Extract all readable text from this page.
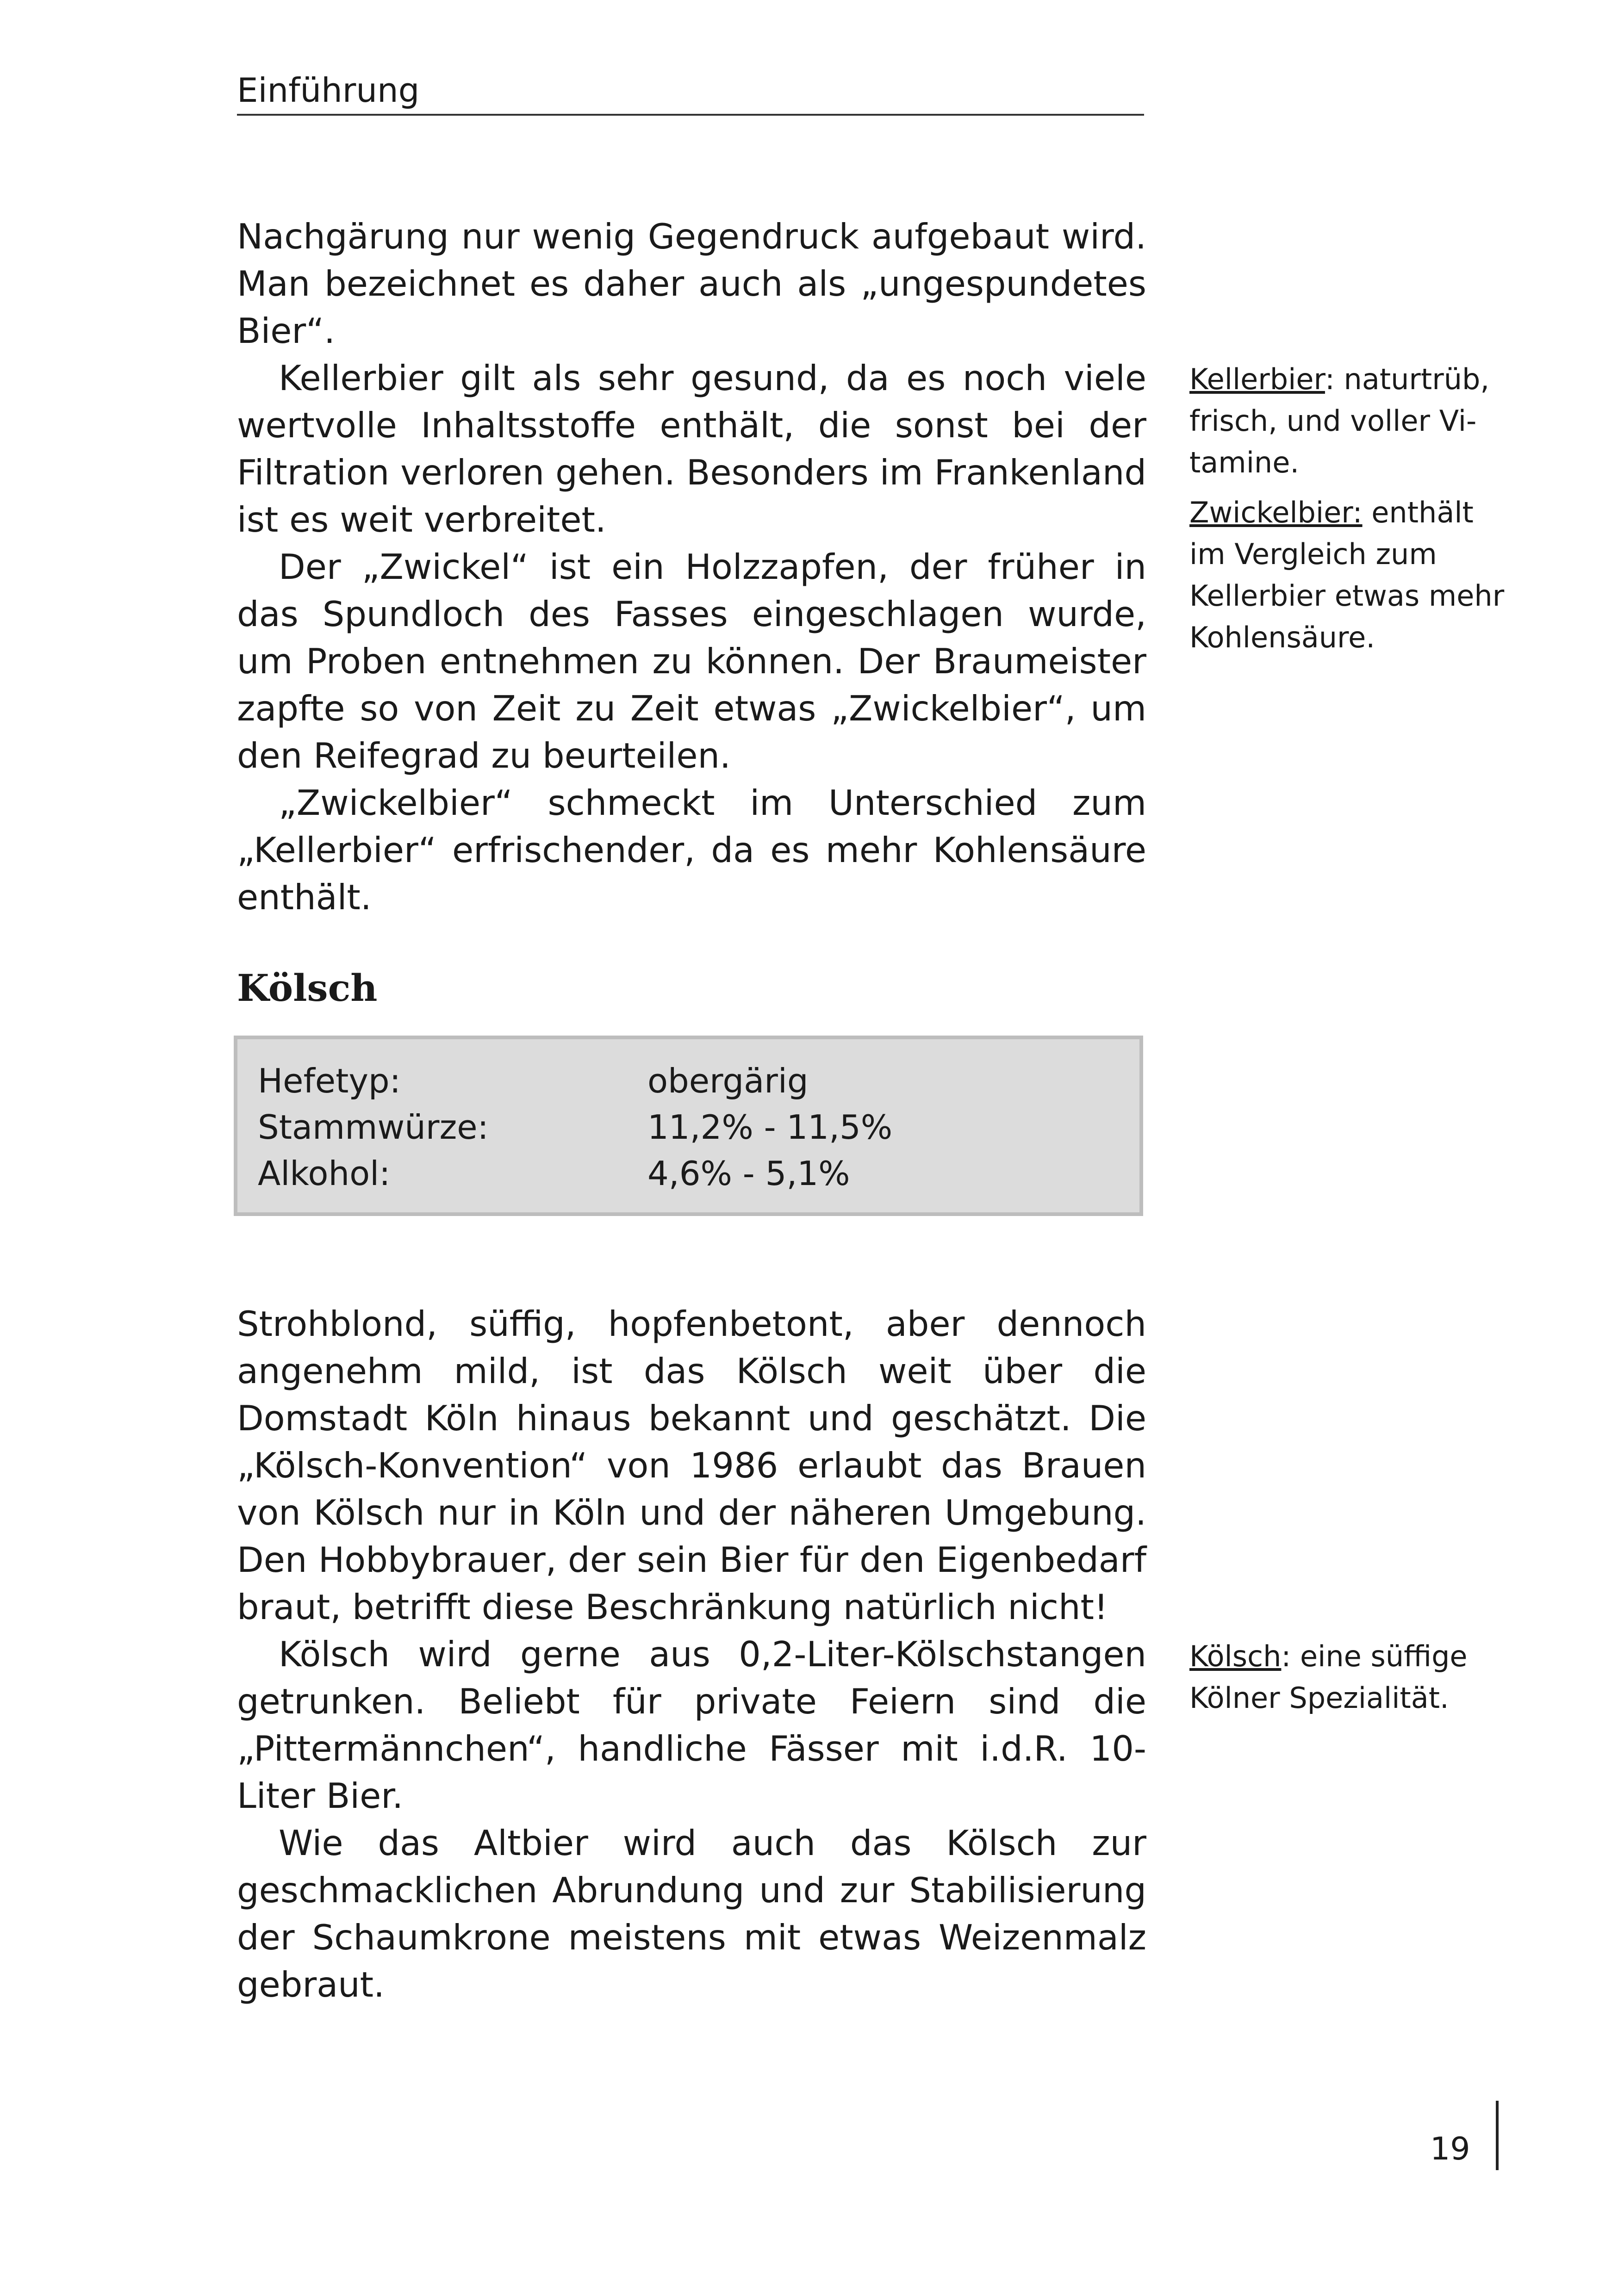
Einführung

Nachgärung nur wenig Gegendruck aufgebaut wird. Man bezeichnet es daher auch als „ungespundetes Bier“.

Kellerbier gilt als sehr gesund, da es noch viele wertvolle Inhaltsstoffe enthält, die sonst bei der Filtration verloren gehen. Besonders im Frankenland ist es weit verbreitet.

Der „Zwickel“ ist ein Holzzapfen, der früher in das Spundloch des Fasses eingeschlagen wurde, um Proben entnehmen zu können. Der Braumeister zapfte so von Zeit zu Zeit etwas „Zwickelbier“, um den Reifegrad zu beurteilen.

„Zwickelbier“ schmeckt im Unterschied zum „Kellerbier“ erfrischender, da es mehr Kohlensäure enthält.

Kellerbier: naturtrüb, frisch, und voller Vitamine.

Zwickelbier: enthält im Vergleich zum Kellerbier etwas mehr Kohlensäure.

Kölsch
Hefetyp:	obergärig
Stammwürze:	11,2% - 11,5%
Alkohol:	4,6% - 5,1%

Strohblond, süffig, hopfenbetont, aber dennoch angenehm mild, ist das Kölsch weit über die Domstadt Köln hinaus bekannt und geschätzt. Die „Kölsch-Konvention“ von 1986 erlaubt das Brauen von Kölsch nur in Köln und der näheren Umgebung. Den Hobbybrauer, der sein Bier für den Eigenbedarf braut, betrifft diese Beschränkung natürlich nicht!

Kölsch wird gerne aus 0,2-Liter-Kölschstangen getrunken. Beliebt für private Feiern sind die „Pittermännchen“, handliche Fässer mit i.d.R. 10-Liter Bier.

Wie das Altbier wird auch das Kölsch zur geschmacklichen Abrundung und zur Stabilisierung der Schaumkrone meistens mit etwas Weizenmalz gebraut.

Kölsch: eine süffige Kölner Spezialität.

19
